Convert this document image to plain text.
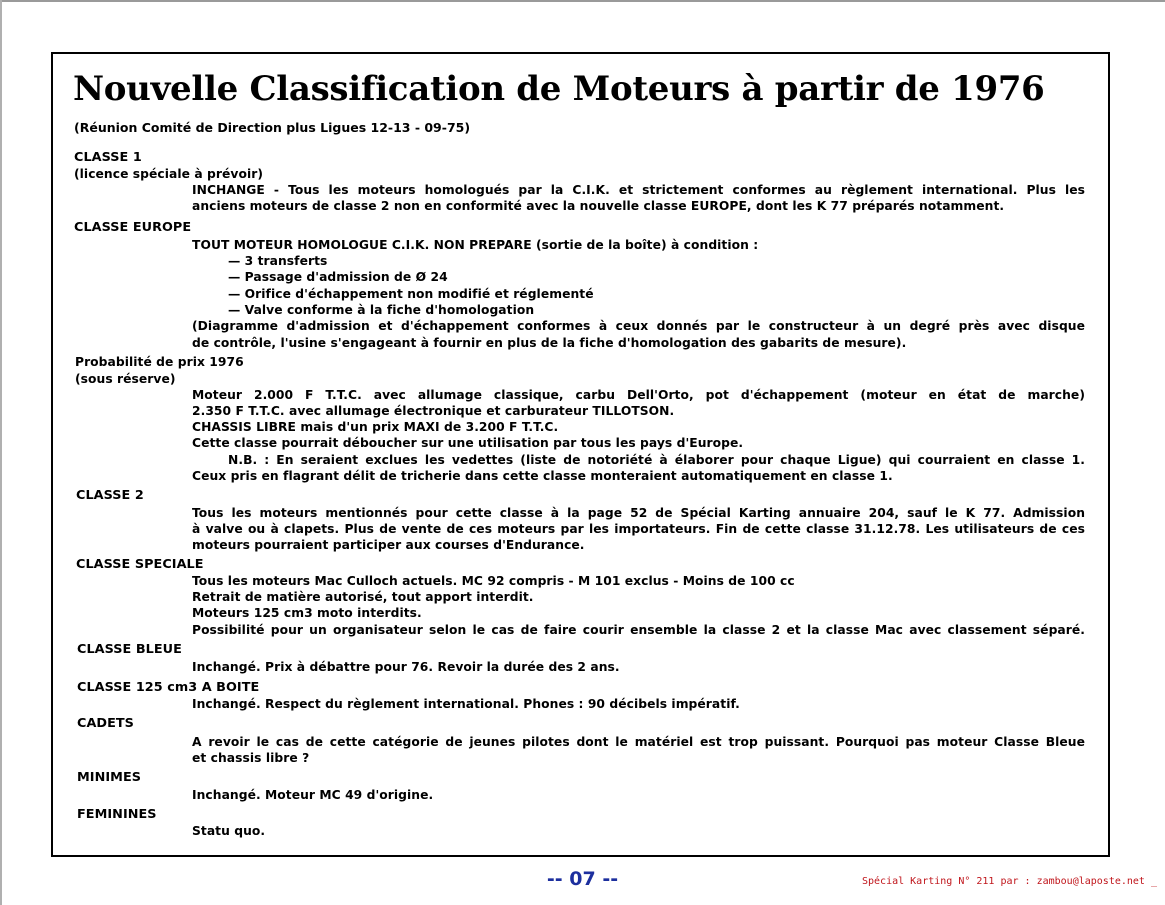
Nouvelle Classification de Moteurs à partir de 1976
(Réunion Comité de Direction plus Ligues 12-13 - 09-75)
CLASSE 1
(licence spéciale à prévoir)
INCHANGE - Tous les moteurs homologués par la C.I.K. et strictement conformes au règlement international. Plus les
anciens moteurs de classe 2 non en conformité avec la nouvelle classe EUROPE, dont les K 77 préparés notamment.
CLASSE EUROPE
TOUT MOTEUR HOMOLOGUE C.I.K. NON PREPARE (sortie de la boîte) à condition :
— 3 transferts
— Passage d'admission de Ø 24
— Orifice d'échappement non modifié et réglementé
— Valve conforme à la fiche d'homologation
(Diagramme d'admission et d'échappement conformes à ceux donnés par le constructeur à un degré près avec disque
de contrôle, l'usine s'engageant à fournir en plus de la fiche d'homologation des gabarits de mesure).
Probabilité de prix 1976
(sous réserve)
Moteur 2.000 F T.T.C. avec allumage classique, carbu Dell'Orto, pot d'échappement (moteur en état de marche)
2.350 F T.T.C. avec allumage électronique et carburateur TILLOTSON.
CHASSIS LIBRE mais d'un prix MAXI de 3.200 F T.T.C.
Cette classe pourrait déboucher sur une utilisation par tous les pays d'Europe.
N.B. : En seraient exclues les vedettes (liste de notoriété à élaborer pour chaque Ligue) qui courraient en classe 1.
Ceux pris en flagrant délit de tricherie dans cette classe monteraient automatiquement en classe 1.
CLASSE 2
Tous les moteurs mentionnés pour cette classe à la page 52 de Spécial Karting annuaire 204, sauf le K 77. Admission
à valve ou à clapets. Plus de vente de ces moteurs par les importateurs. Fin de cette classe 31.12.78. Les utilisateurs de ces
moteurs pourraient participer aux courses d'Endurance.
CLASSE SPECIALE
Tous les moteurs Mac Culloch actuels. MC 92 compris - M 101 exclus - Moins de 100 cc
Retrait de matière autorisé, tout apport interdit.
Moteurs 125 cm3 moto interdits.
Possibilité pour un organisateur selon le cas de faire courir ensemble la classe 2 et la classe Mac avec classement séparé.
CLASSE BLEUE
Inchangé. Prix à débattre pour 76. Revoir la durée des 2 ans.
CLASSE 125 cm3 A BOITE
Inchangé. Respect du règlement international. Phones : 90 décibels impératif.
CADETS
A revoir le cas de cette catégorie de jeunes pilotes dont le matériel est trop puissant. Pourquoi pas moteur Classe Bleue
et chassis libre ?
MINIMES
Inchangé. Moteur MC 49 d'origine.
FEMININES
Statu quo.
-- 07 --	Spécial Karting N° 211 par : zambou@laposte.net _
